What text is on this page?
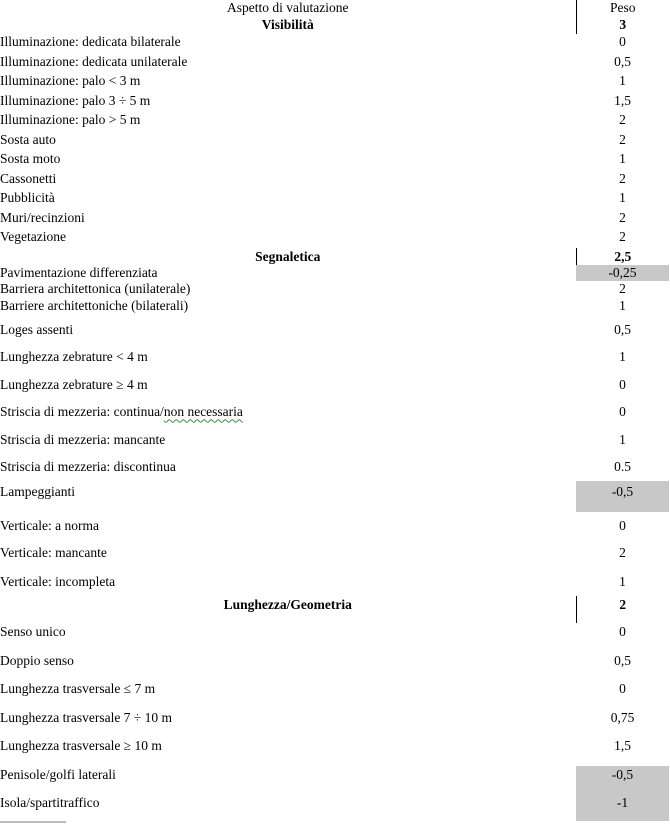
Aspetto di valutazione	Peso
Visibilità	3
Illuminazione: dedicata bilaterale	0
Illuminazione: dedicata unilaterale	0,5
Illuminazione: palo < 3 m	1
Illuminazione: palo 3 ÷ 5 m	1,5
Illuminazione: palo > 5 m	2
Sosta auto	2
Sosta moto	1
Cassonetti	2
Pubblicità	1
Muri/recinzioni	2
Vegetazione	2
Segnaletica	2,5
Pavimentazione differenziata	-0,25
Barriera architettonica (unilaterale)	2
Barriere architettoniche (bilaterali)	1
Loges assenti	0,5
Lunghezza zebrature < 4 m	1
Lunghezza zebrature ≥ 4 m	0
Striscia di mezzeria: continua/non necessaria	0
Striscia di mezzeria: mancante	1
Striscia di mezzeria: discontinua	0.5
Lampeggianti	-0,5
Verticale: a norma	0
Verticale: mancante	2
Verticale: incompleta	1
Lunghezza/Geometria	2
Senso unico	0
Doppio senso	0,5
Lunghezza trasversale ≤ 7 m	0
Lunghezza trasversale 7 ÷ 10 m	0,75
Lunghezza trasversale ≥ 10 m	1,5
Penisole/golfi laterali	-0,5
Isola/spartitraffico	-1
